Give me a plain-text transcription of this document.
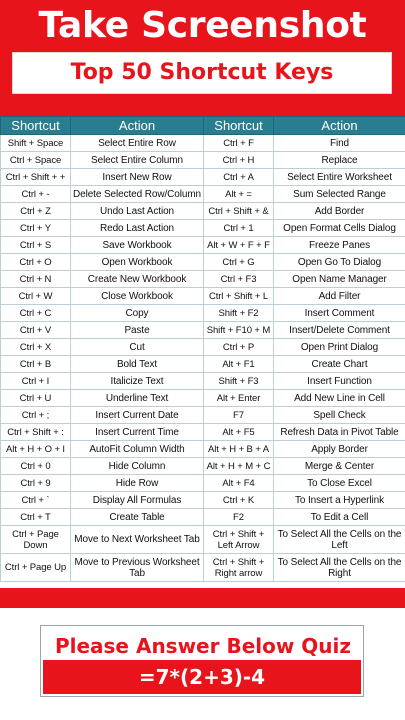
Take Screenshot
Top 50 Shortcut Keys
Shortcut	Action	Shortcut	Action
Shift + Space	Select Entire Row	Ctrl + F	Find
Ctrl + Space	Select Entire Column	Ctrl + H	Replace
Ctrl + Shift + +	Insert New Row	Ctrl + A	Select Entire Worksheet
Ctrl + -	Delete Selected Row/Column	Alt + =	Sum Selected Range
Ctrl + Z	Undo Last Action	Ctrl + Shift + &	Add Border
Ctrl + Y	Redo Last Action	Ctrl + 1	Open Format Cells Dialog
Ctrl + S	Save Workbook	Alt + W + F + F	Freeze Panes
Ctrl + O	Open Workbook	Ctrl + G	Open Go To Dialog
Ctrl + N	Create New Workbook	Ctrl + F3	Open Name Manager
Ctrl + W	Close Workbook	Ctrl + Shift + L	Add Filter
Ctrl + C	Copy	Shift + F2	Insert Comment
Ctrl + V	Paste	Shift + F10 + M	Insert/Delete Comment
Ctrl + X	Cut	Ctrl + P	Open Print Dialog
Ctrl + B	Bold Text	Alt + F1	Create Chart
Ctrl + I	Italicize Text	Shift + F3	Insert Function
Ctrl + U	Underline Text	Alt + Enter	Add New Line in Cell
Ctrl + ;	Insert Current Date	F7	Spell Check
Ctrl + Shift + :	Insert Current Time	Alt + F5	Refresh Data in Pivot Table
Alt + H + O + I	AutoFit Column Width	Alt + H + B + A	Apply Border
Ctrl + 0	Hide Column	Alt + H + M + C	Merge & Center
Ctrl + 9	Hide Row	Alt + F4	To Close Excel
Ctrl + `	Display All Formulas	Ctrl + K	To Insert a Hyperlink
Ctrl + T	Create Table	F2	To Edit a Cell
Ctrl + Page Down	Move to Next Worksheet Tab	Ctrl + Shift + Left Arrow	To Select All the Cells on the Left
Ctrl + Page Up	Move to Previous Worksheet Tab	Ctrl + Shift + Right arrow	To Select All the Cells on the Right
Please Answer Below Quiz
=7*(2+3)-4
